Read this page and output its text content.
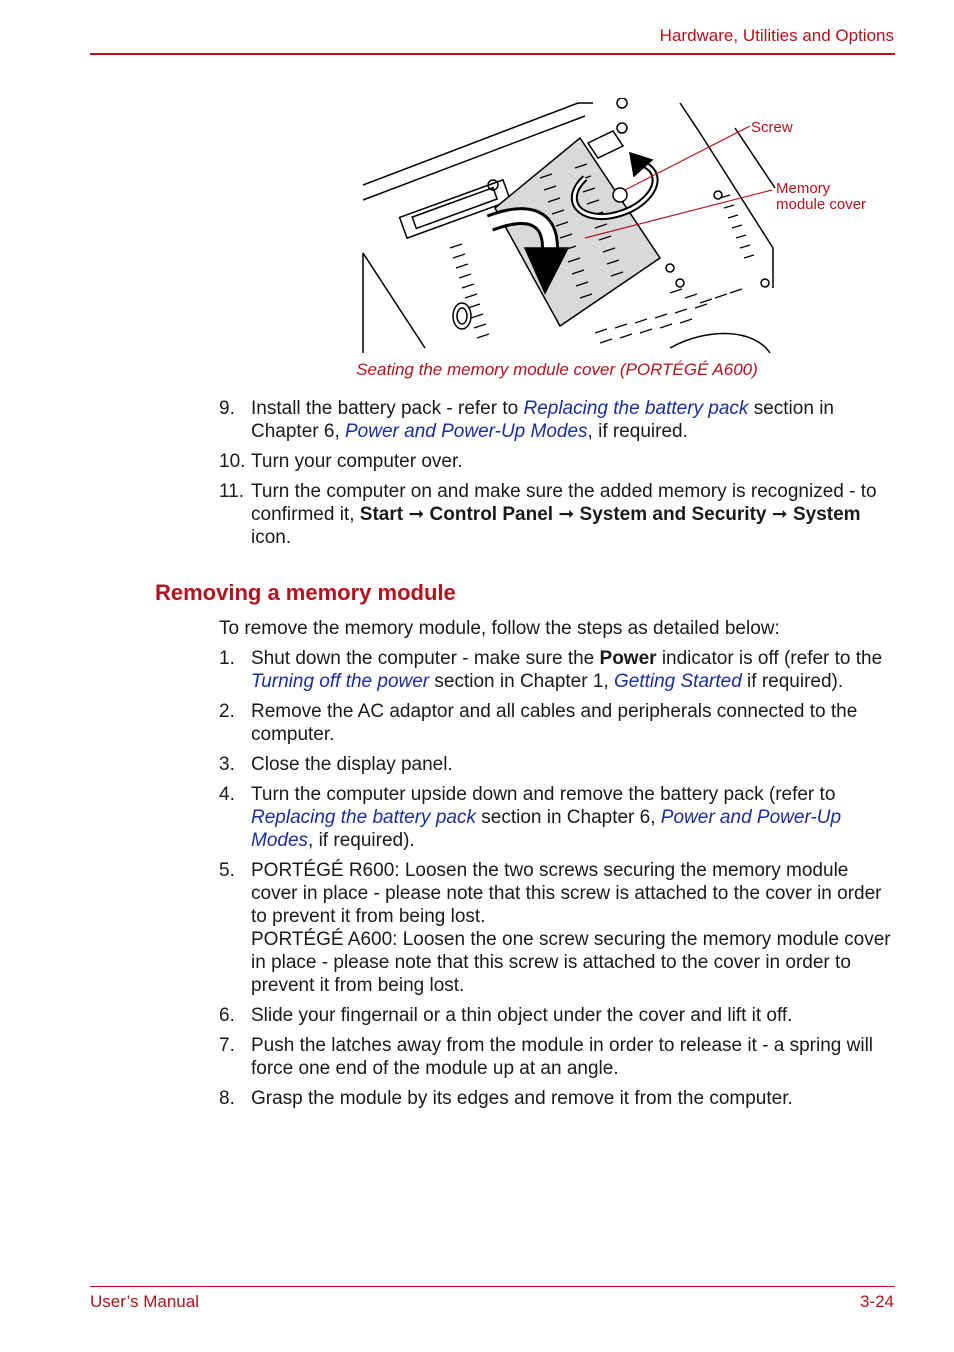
Hardware, Utilities and Options
Screw
Memory
module cover
Seating the memory module cover (PORTÉGÉ A600)
9. Install the battery pack - refer to Replacing the battery pack section in Chapter 6, Power and Power-Up Modes, if required.
10. Turn your computer over.
11. Turn the computer on and make sure the added memory is recognized - to confirmed it, Start ➞ Control Panel ➞ System and Security ➞ System icon.
Removing a memory module
To remove the memory module, follow the steps as detailed below:
1. Shut down the computer - make sure the Power indicator is off (refer to the Turning off the power section in Chapter 1, Getting Started if required).
2. Remove the AC adaptor and all cables and peripherals connected to the computer.
3. Close the display panel.
4. Turn the computer upside down and remove the battery pack (refer to Replacing the battery pack section in Chapter 6, Power and Power-Up Modes, if required).
5. PORTÉGÉ R600: Loosen the two screws securing the memory module cover in place - please note that this screw is attached to the cover in order to prevent it from being lost.
PORTÉGÉ A600: Loosen the one screw securing the memory module cover in place - please note that this screw is attached to the cover in order to prevent it from being lost.
6. Slide your fingernail or a thin object under the cover and lift it off.
7. Push the latches away from the module in order to release it - a spring will force one end of the module up at an angle.
8. Grasp the module by its edges and remove it from the computer.
User’s Manual	3-24
